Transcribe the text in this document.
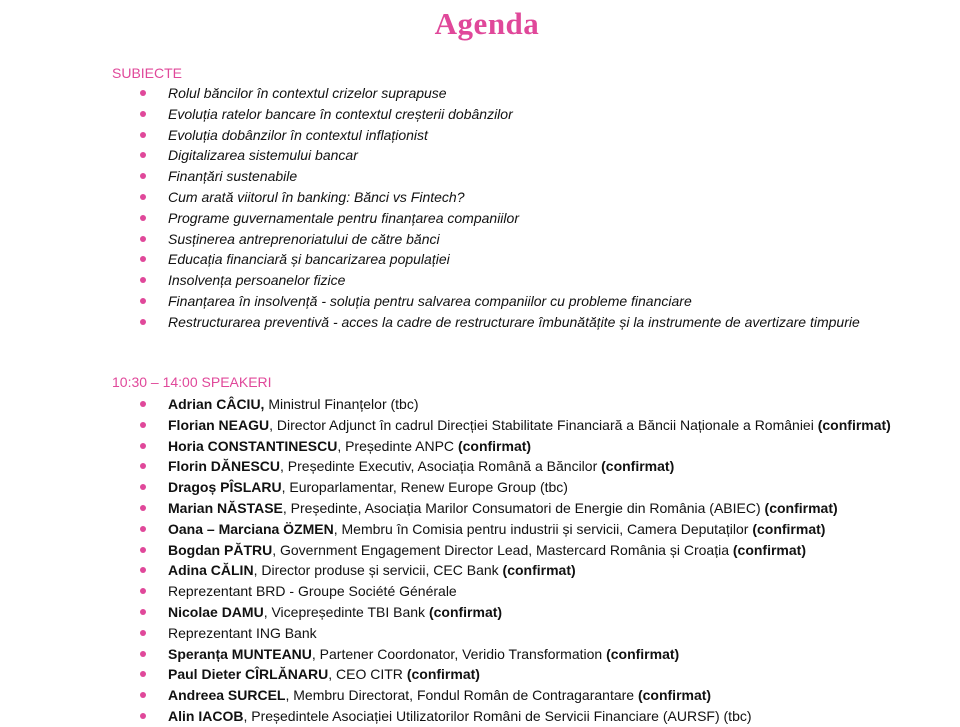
Agenda
SUBIECTE
Rolul băncilor în contextul crizelor suprapuse
Evoluția ratelor bancare în contextul creșterii dobânzilor
Evoluția dobânzilor în contextul inflaționist
Digitalizarea sistemului bancar
Finanțări sustenabile
Cum arată viitorul în banking: Bănci vs Fintech?
Programe guvernamentale pentru finanțarea companiilor
Susținerea antreprenoriatului de către bănci
Educația financiară și bancarizarea populației
Insolvența persoanelor fizice
Finanțarea în insolvență - soluția pentru salvarea companiilor cu probleme financiare
Restructurarea preventivă - acces la cadre de restructurare îmbunătățite și la instrumente de avertizare timpurie
10:30 – 14:00 SPEAKERI
Adrian CÂCIU, Ministrul Finanțelor (tbc)
Florian NEAGU, Director Adjunct în cadrul Direcției Stabilitate Financiară a Băncii Naționale a României (confirmat)
Horia CONSTANTINESCU, Președinte ANPC (confirmat)
Florin DĂNESCU, Președinte Executiv, Asociația Română a Băncilor (confirmat)
Dragoș PÎSLARU, Europarlamentar, Renew Europe Group (tbc)
Marian NĂSTASE, Președinte, Asociația Marilor Consumatori de Energie din România (ABIEC) (confirmat)
Oana – Marciana ÖZMEN, Membru în Comisia pentru industrii și servicii, Camera Deputaților (confirmat)
Bogdan PĂTRU, Government Engagement Director Lead, Mastercard România și Croația (confirmat)
Adina CĂLIN, Director produse și servicii, CEC Bank (confirmat)
Reprezentant BRD - Groupe Société Générale
Nicolae DAMU, Vicepreședinte TBI Bank (confirmat)
Reprezentant ING Bank
Speranța MUNTEANU, Partener Coordonator, Veridio Transformation (confirmat)
Paul Dieter CÎRLĂNARU, CEO CITR (confirmat)
Andreea SURCEL, Membru Directorat, Fondul Român de Contragarantare (confirmat)
Alin IACOB, Președintele Asociației Utilizatorilor Români de Servicii Financiare (AURSF) (tbc)
